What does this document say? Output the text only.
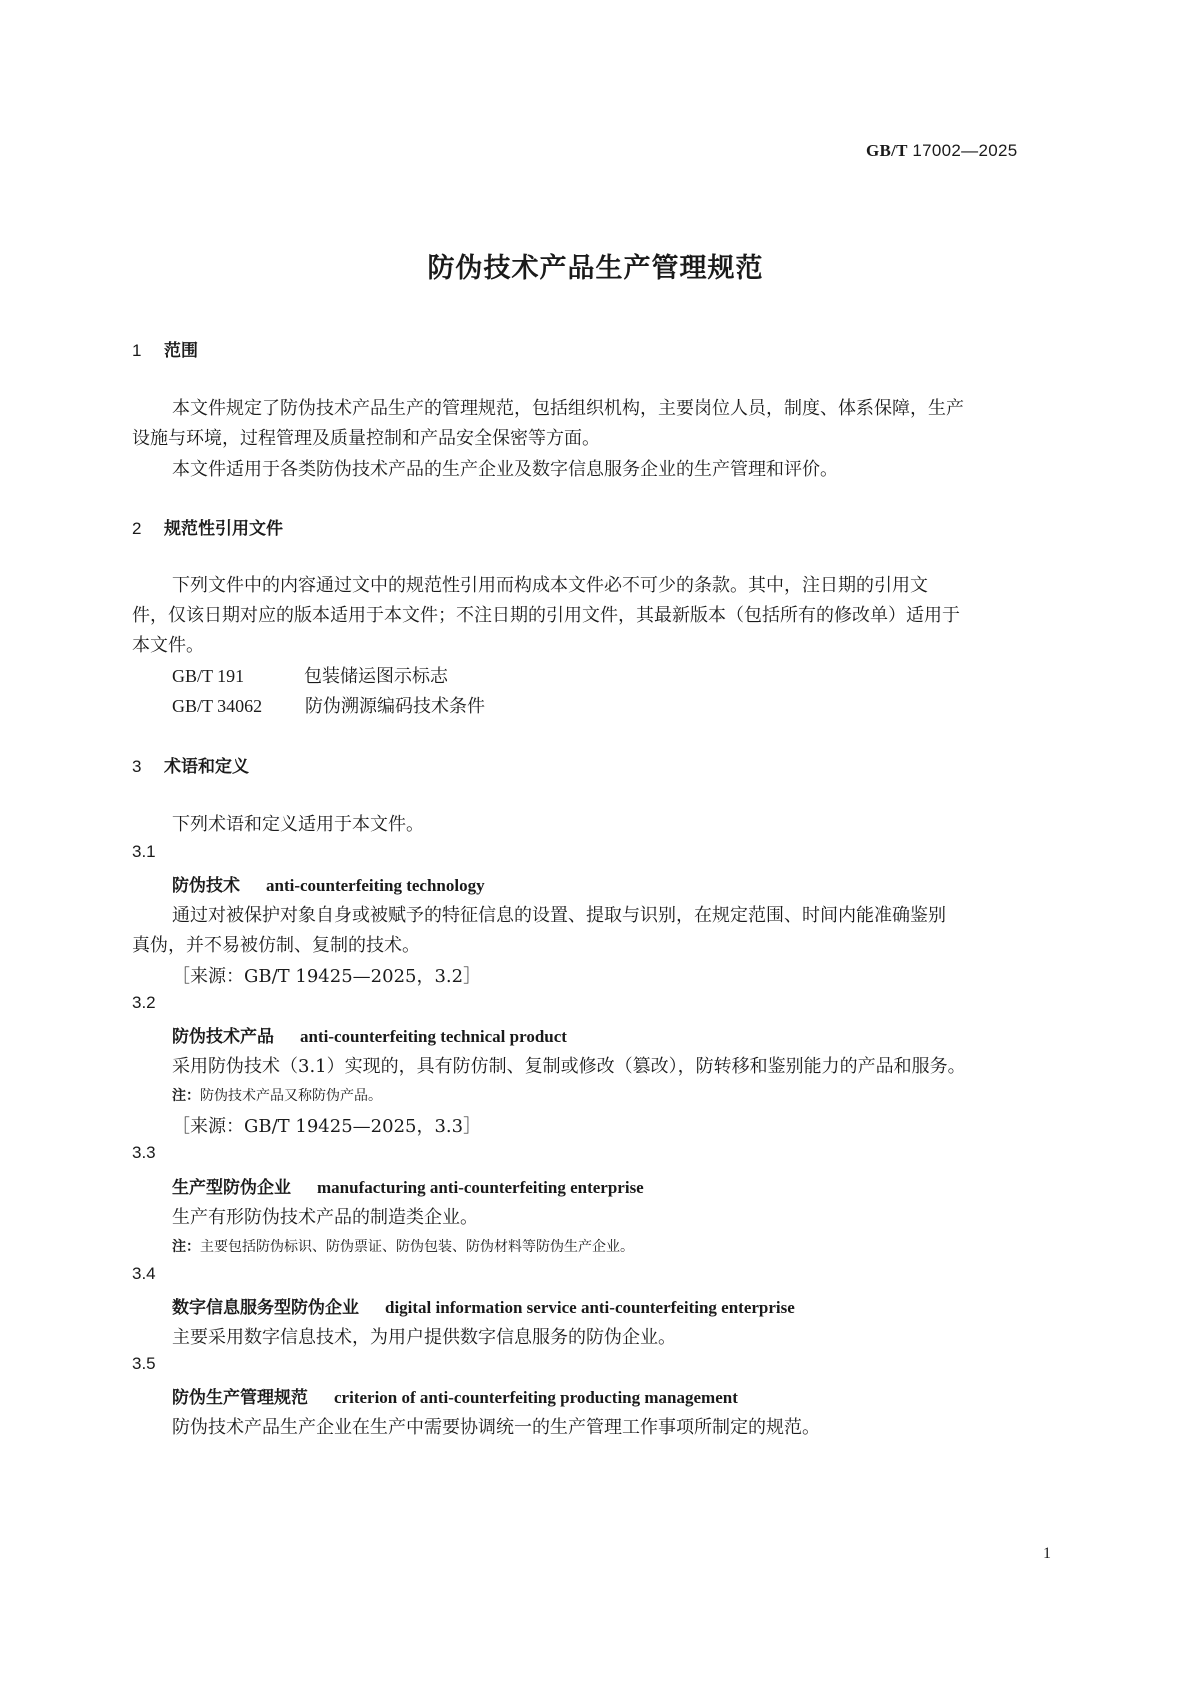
GB/T 17002—2025
防伪技术产品生产管理规范
1 范围
本文件规定了防伪技术产品生产的管理规范，包括组织机构，主要岗位人员，制度、体系保障，生产
设施与环境，过程管理及质量控制和产品安全保密等方面。
本文件适用于各类防伪技术产品的生产企业及数字信息服务企业的生产管理和评价。
2 规范性引用文件
下列文件中的内容通过文中的规范性引用而构成本文件必不可少的条款。其中，注日期的引用文
件，仅该日期对应的版本适用于本文件；不注日期的引用文件，其最新版本（包括所有的修改单）适用于
本文件。
GB/T 191	包装储运图示标志
GB/T 34062 防伪溯源编码技术条件
3 术语和定义
下列术语和定义适用于本文件。
3.1
防伪技术 anti-counterfeiting technology
通过对被保护对象自身或被赋予的特征信息的设置、提取与识别，在规定范围、时间内能准确鉴别
真伪，并不易被仿制、复制的技术。
［来源：GB/T 19425—2025，3.2］
3.2
防伪技术产品 anti-counterfeiting technical product
采用防伪技术（3.1）实现的，具有防仿制、复制或修改（篡改），防转移和鉴别能力的产品和服务。
注：防伪技术产品又称防伪产品。
［来源：GB/T 19425—2025，3.3］
3.3
生产型防伪企业 manufacturing anti-counterfeiting enterprise
生产有形防伪技术产品的制造类企业。
注：主要包括防伪标识、防伪票证、防伪包装、防伪材料等防伪生产企业。
3.4
数字信息服务型防伪企业 digital information service anti-counterfeiting enterprise
主要采用数字信息技术，为用户提供数字信息服务的防伪企业。
3.5
防伪生产管理规范 criterion of anti-counterfeiting producting management
防伪技术产品生产企业在生产中需要协调统一的生产管理工作事项所制定的规范。
1
